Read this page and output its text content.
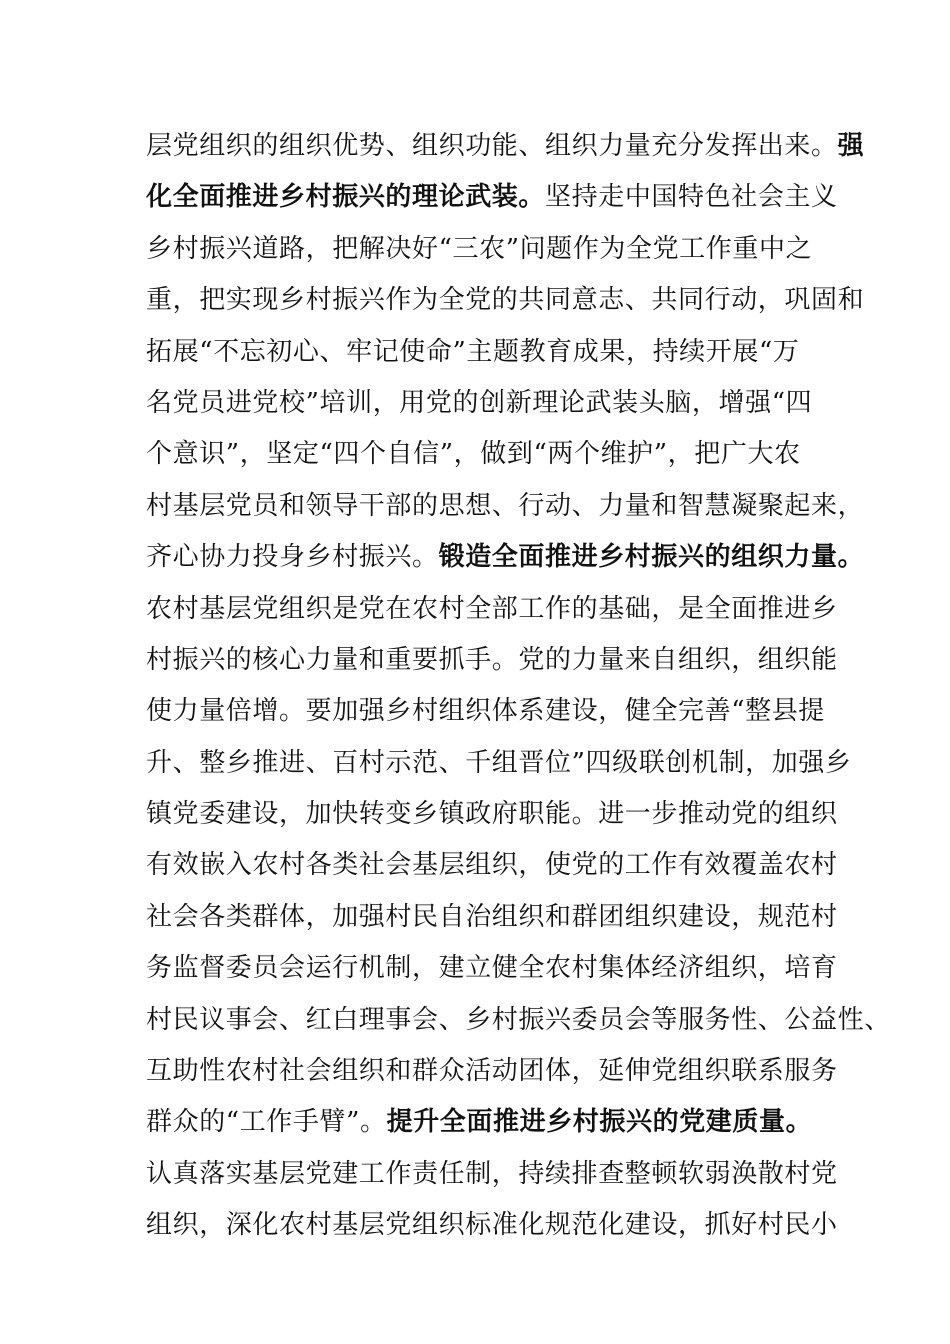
层党组织的组织优势、组织功能、组织力量充分发挥出来。强
化全面推进乡村振兴的理论武装。坚持走中国特色社会主义
乡村振兴道路，把解决好“三农”问题作为全党工作重中之
重，把实现乡村振兴作为全党的共同意志、共同行动，巩固和
拓展“不忘初心、牢记使命”主题教育成果，持续开展“万
名党员进党校”培训，用党的创新理论武装头脑，增强“四
个意识”，坚定“四个自信”，做到“两个维护”，把广大农
村基层党员和领导干部的思想、行动、力量和智慧凝聚起来，
齐心协力投身乡村振兴。锻造全面推进乡村振兴的组织力量。
农村基层党组织是党在农村全部工作的基础，是全面推进乡
村振兴的核心力量和重要抓手。党的力量来自组织，组织能
使力量倍增。要加强乡村组织体系建设，健全完善“整县提
升、整乡推进、百村示范、千组晋位”四级联创机制，加强乡
镇党委建设，加快转变乡镇政府职能。进一步推动党的组织
有效嵌入农村各类社会基层组织，使党的工作有效覆盖农村
社会各类群体，加强村民自治组织和群团组织建设，规范村
务监督委员会运行机制，建立健全农村集体经济组织，培育
村民议事会、红白理事会、乡村振兴委员会等服务性、公益性、
互助性农村社会组织和群众活动团体，延伸党组织联系服务
群众的“工作手臂”。提升全面推进乡村振兴的党建质量。
认真落实基层党建工作责任制，持续排查整顿软弱涣散村党
组织，深化农村基层党组织标准化规范化建设，抓好村民小
